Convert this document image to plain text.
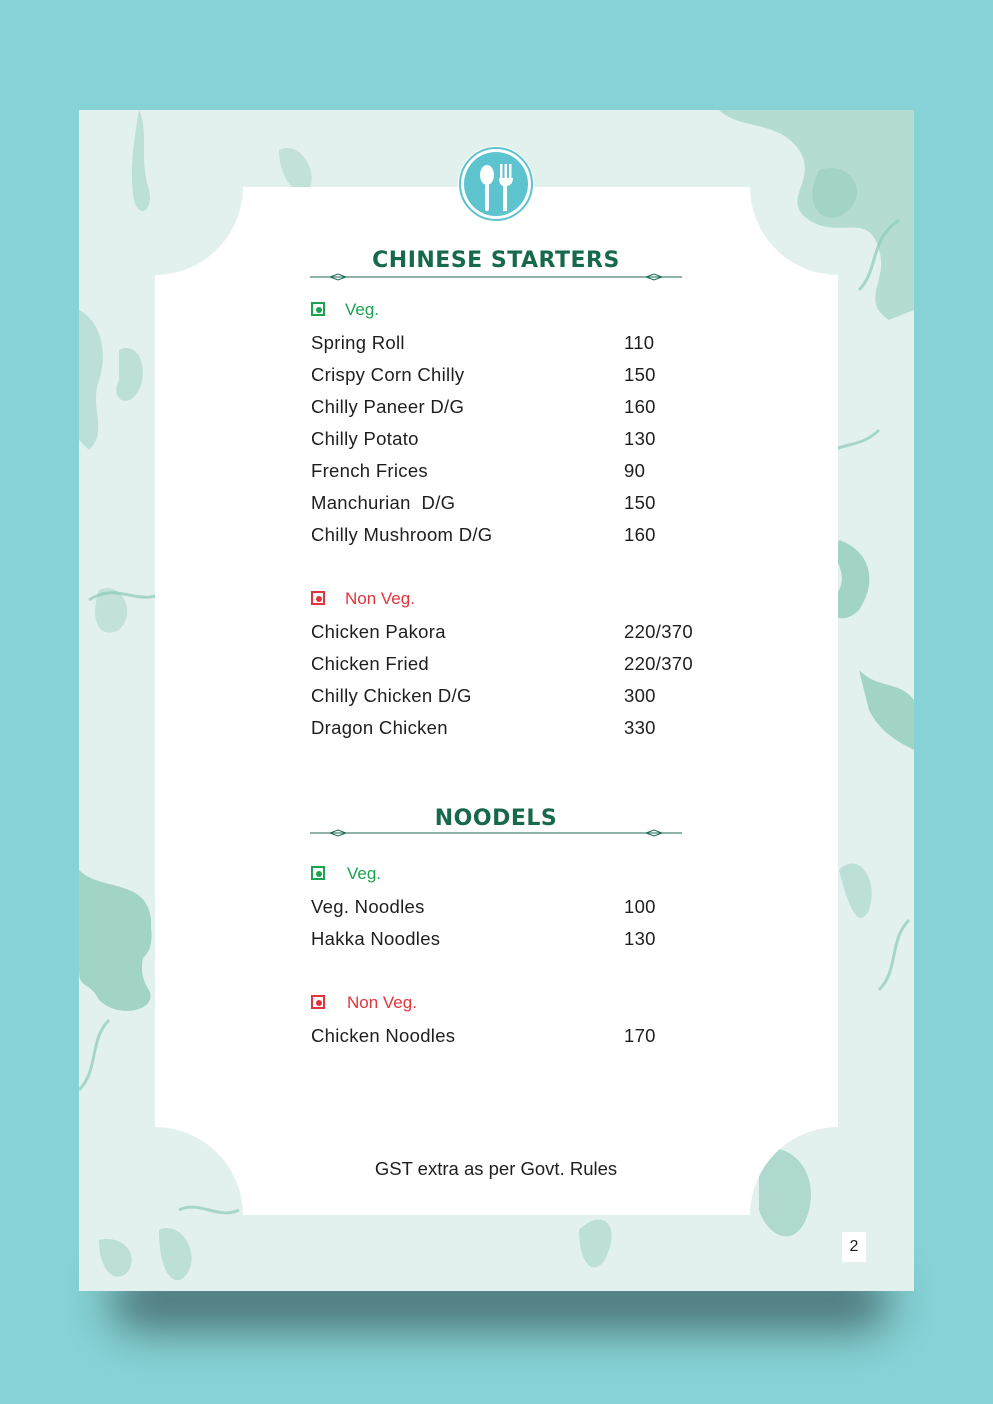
CHINESE STARTERS
Veg.
Spring Roll	110
Crispy Corn Chilly	150
Chilly Paneer D/G	160
Chilly Potato	130
French Frices	90
Manchurian  D/G	150
Chilly Mushroom D/G	160
Non Veg.
Chicken Pakora	220/370
Chicken Fried	220/370
Chilly Chicken D/G	300
Dragon Chicken	330
NOODELS
Veg.
Veg. Noodles	100
Hakka Noodles	130
Non Veg.
Chicken Noodles	170
GST extra as per Govt. Rules
2
